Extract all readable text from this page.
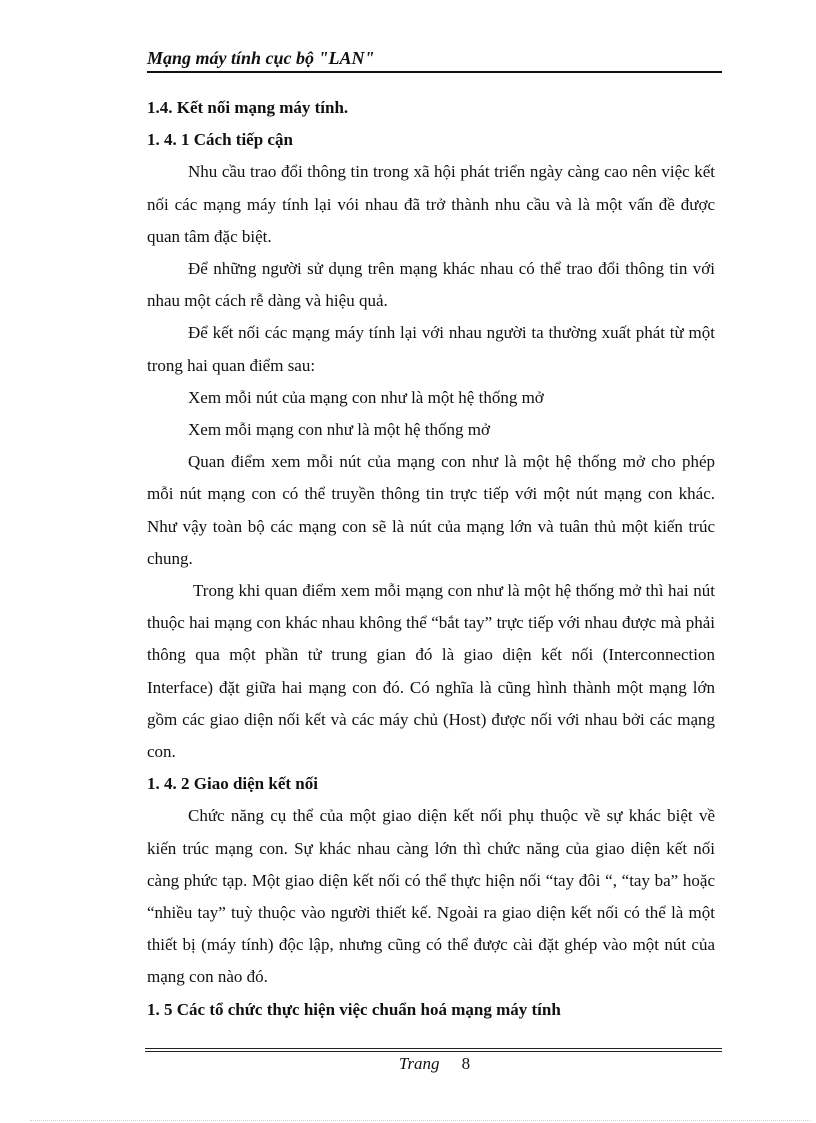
Mạng máy tính cục bộ "LAN"

1.4. Kết nối mạng máy tính.

1. 4. 1 Cách tiếp cận

Nhu cầu trao đổi thông tin trong xã hội phát triển ngày càng cao nên việc kết nối các mạng máy tính lại vói nhau đã trở thành nhu cầu và là một vấn đề được quan tâm đặc biệt.

Để những người sử dụng trên mạng khác nhau có thể trao đổi thông tin với nhau một cách rễ dàng và hiệu quả.

Để kết nối các mạng máy tính lại với nhau người ta thường xuất phát từ một trong hai quan điểm sau:

Xem mỗi nút của mạng con như là một hệ thống mở

Xem mỗi mạng con như là một hệ thống mở

Quan điểm xem mỗi nút của mạng con như là một hệ thống mở cho phép mỗi nút mạng con có thể truyền thông tin trực tiếp với một nút mạng con khác. Như vậy toàn bộ các mạng con sẽ là nút của mạng lớn và tuân thủ một kiến trúc chung.

Trong khi quan điểm xem mỗi mạng con như là một hệ thống mở thì hai nút thuộc hai mạng con khác nhau không thể “bắt tay” trực tiếp với nhau được mà phải thông qua một phần tử trung gian đó là giao diện kết nối (Interconnection Interface) đặt giữa hai mạng con đó. Có nghĩa là cũng hình thành một mạng lớn gồm các giao diện nối kết và các máy chủ (Host) được nối với nhau bởi các mạng con.

1. 4. 2 Giao diện kết nối

Chức năng cụ thể của một giao diện kết nối phụ thuộc về sự khác biệt về kiến trúc mạng con. Sự khác nhau càng lớn thì chức năng của giao diện kết nối càng phức tạp. Một giao diện kết nối có thể thực hiện nối “tay đôi “, “tay ba” hoặc “nhiều tay” tuỳ thuộc vào người thiết kế. Ngoài ra giao diện kết nối có thể là một thiết bị (máy tính) độc lập, nhưng cũng có thể được cài đặt ghép vào một nút của mạng con nào đó.

1. 5 Các tổ chức thực hiện việc chuẩn hoá mạng máy tính

Trang 8
